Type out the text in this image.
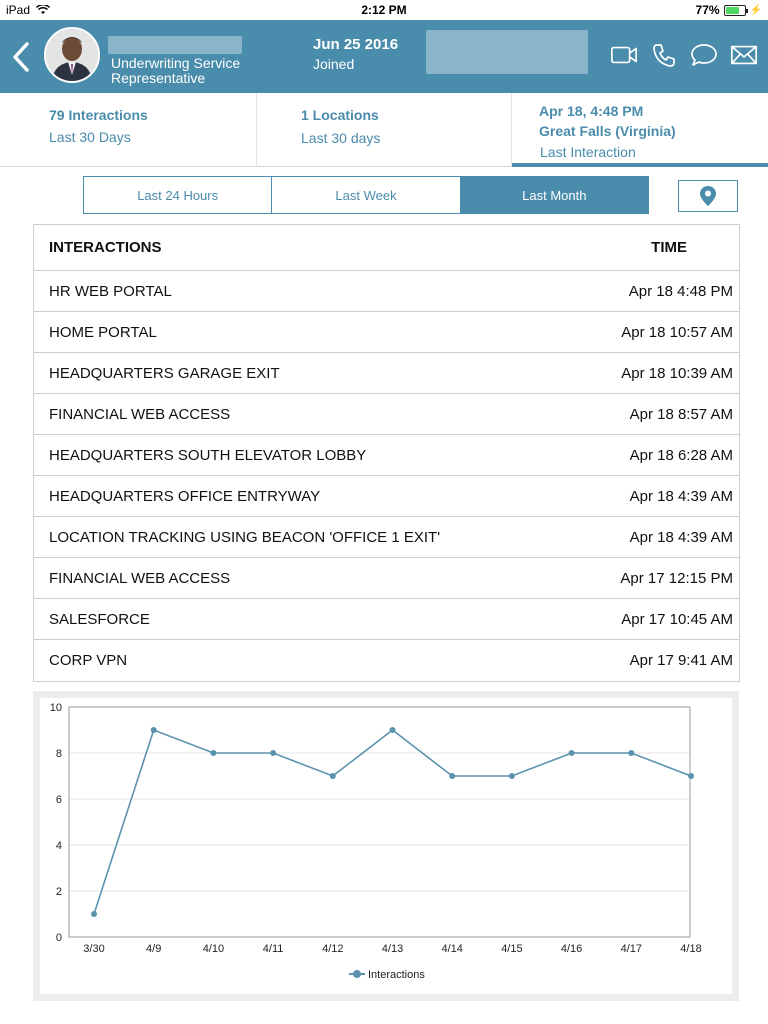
iPad	2:12 PM	77%	⚡
Underwriting Service
Representative
Jun 25 2016
Joined
79 Interactions
Last 30 Days
1 Locations
Last 30 days
Apr 18, 4:48 PM
Great Falls (Virginia)
Last Interaction
Last 24 Hours	Last Week	Last Month
INTERACTIONS	TIME
HR WEB PORTAL	Apr 18 4:48 PM
HOME PORTAL	Apr 18 10:57 AM
HEADQUARTERS GARAGE EXIT	Apr 18 10:39 AM
FINANCIAL WEB ACCESS	Apr 18 8:57 AM
HEADQUARTERS SOUTH ELEVATOR LOBBY	Apr 18 6:28 AM
HEADQUARTERS OFFICE ENTRYWAY	Apr 18 4:39 AM
LOCATION TRACKING USING BEACON 'OFFICE 1 EXIT'	Apr 18 4:39 AM
FINANCIAL WEB ACCESS	Apr 17 12:15 PM
SALESFORCE	Apr 17 10:45 AM
CORP VPN	Apr 17 9:41 AM
0
2
4
6
8
10
3/30	4/9	4/10	4/11	4/12	4/13	4/14	4/15	4/16	4/17	4/18
Interactions
